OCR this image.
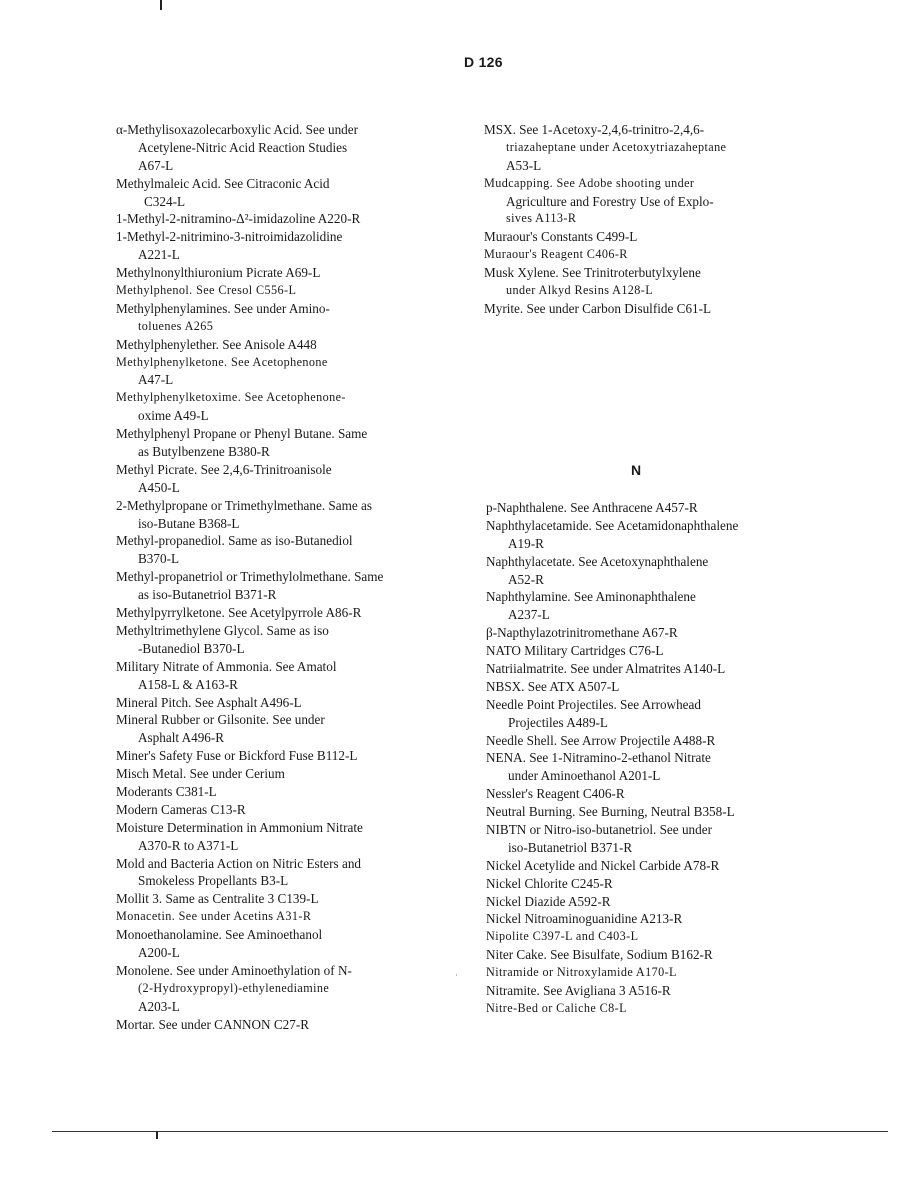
D 126
α-Methylisoxazolecarboxylic Acid. See under
Acetylene-Nitric Acid Reaction Studies
A67-L
Methylmaleic Acid. See Citraconic Acid
C324-L
1-Methyl-2-nitramino-Δ²-imidazoline A220-R
1-Methyl-2-nitrimino-3-nitroimidazolidine
A221-L
Methylnonylthiuronium Picrate A69-L
Methylphenol. See Cresol C556-L
Methylphenylamines. See under Amino-
toluenes A265
Methylphenylether. See Anisole A448
Methylphenylketone. See Acetophenone
A47-L
Methylphenylketoxime. See Acetophenone-
oxime A49-L
Methylphenyl Propane or Phenyl Butane. Same
as Butylbenzene B380-R
Methyl Picrate. See 2,4,6-Trinitroanisole
A450-L
2-Methylpropane or Trimethylmethane. Same as
iso-Butane B368-L
Methyl-propanediol. Same as iso-Butanediol
B370-L
Methyl-propanetriol or Trimethylolmethane. Same
as iso-Butanetriol B371-R
Methylpyrrylketone. See Acetylpyrrole A86-R
Methyltrimethylene Glycol. Same as iso
-Butanediol B370-L
Military Nitrate of Ammonia. See Amatol
A158-L & A163-R
Mineral Pitch. See Asphalt A496-L
Mineral Rubber or Gilsonite. See under
Asphalt A496-R
Miner's Safety Fuse or Bickford Fuse B112-L
Misch Metal. See under Cerium
Moderants C381-L
Modern Cameras C13-R
Moisture Determination in Ammonium Nitrate
A370-R to A371-L
Mold and Bacteria Action on Nitric Esters and
Smokeless Propellants B3-L
Mollit 3. Same as Centralite 3 C139-L
Monacetin. See under Acetins A31-R
Monoethanolamine. See Aminoethanol
A200-L
Monolene. See under Aminoethylation of N-
(2-Hydroxypropyl)-ethylenediamine
A203-L
Mortar. See under CANNON C27-R
MSX. See 1-Acetoxy-2,4,6-trinitro-2,4,6-
triazaheptane under Acetoxytriazaheptane
A53-L
Mudcapping. See Adobe shooting under
Agriculture and Forestry Use of Explo-
sives A113-R
Muraour's Constants C499-L
Muraour's Reagent C406-R
Musk Xylene. See Trinitroterbutylxylene
under Alkyd Resins A128-L
Myrite. See under Carbon Disulfide C61-L
N
p-Naphthalene. See Anthracene A457-R
Naphthylacetamide. See Acetamidonaphthalene
A19-R
Naphthylacetate. See Acetoxynaphthalene
A52-R
Naphthylamine. See Aminonaphthalene
A237-L
β-Napthylazotrinitromethane A67-R
NATO Military Cartridges C76-L
Natriialmatrite. See under Almatrites A140-L
NBSX. See ATX A507-L
Needle Point Projectiles. See Arrowhead
Projectiles A489-L
Needle Shell. See Arrow Projectile A488-R
NENA. See 1-Nitramino-2-ethanol Nitrate
under Aminoethanol A201-L
Nessler's Reagent C406-R
Neutral Burning. See Burning, Neutral B358-L
NIBTN or Nitro-iso-butanetriol. See under
iso-Butanetriol B371-R
Nickel Acetylide and Nickel Carbide A78-R
Nickel Chlorite C245-R
Nickel Diazide A592-R
Nickel Nitroaminoguanidine A213-R
Nipolite C397-L and C403-L
Niter Cake. See Bisulfate, Sodium B162-R
Nitramide or Nitroxylamide A170-L
Nitramite. See Avigliana 3 A516-R
Nitre-Bed or Caliche C8-L
